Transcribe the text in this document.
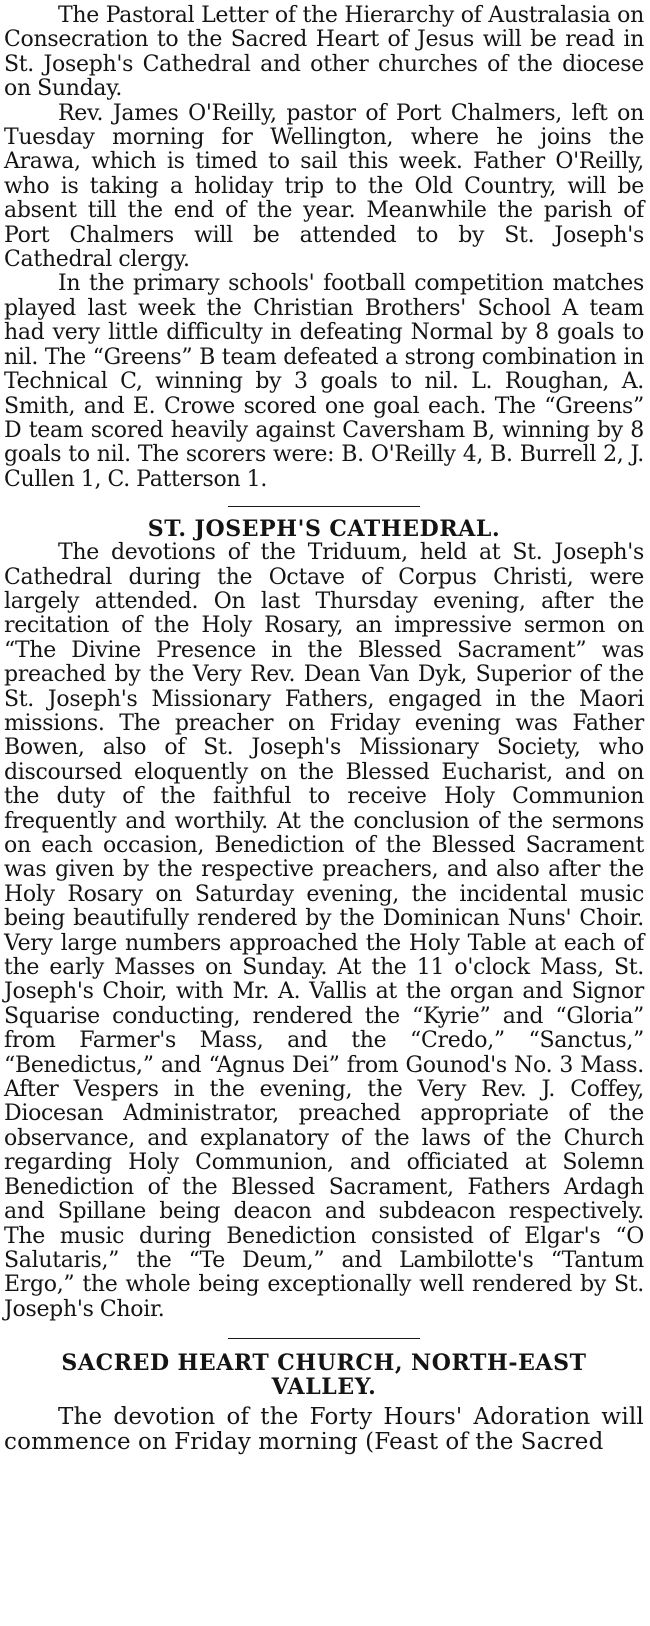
The Pastoral Letter of the Hierarchy of Australasia on Consecration to the Sacred Heart of Jesus will be read in St. Joseph's Cathedral and other churches of the diocese on Sunday.

Rev. James O'Reilly, pastor of Port Chalmers, left on Tuesday morning for Wellington, where he joins the Arawa, which is timed to sail this week. Father O'Reilly, who is taking a holiday trip to the Old Country, will be absent till the end of the year. Meanwhile the parish of Port Chalmers will be attended to by St. Joseph's Cathedral clergy.

In the primary schools' football competition matches played last week the Christian Brothers' School A team had very little difficulty in defeating Normal by 8 goals to nil. The “Greens” B team defeated a strong combination in Technical C, winning by 3 goals to nil. L. Roughan, A. Smith, and E. Crowe scored one goal each. The “Greens” D team scored heavily against Caversham B, winning by 8 goals to nil. The scorers were: B. O'Reilly 4, B. Burrell 2, J. Cullen 1, C. Patterson 1.

ST. JOSEPH'S CATHEDRAL.

The devotions of the Triduum, held at St. Joseph's Cathedral during the Octave of Corpus Christi, were largely attended. On last Thursday evening, after the recitation of the Holy Rosary, an impressive sermon on “The Divine Presence in the Blessed Sacrament” was preached by the Very Rev. Dean Van Dyk, Superior of the St. Joseph's Missionary Fathers, engaged in the Maori missions. The preacher on Friday evening was Father Bowen, also of St. Joseph's Missionary Society, who discoursed eloquently on the Blessed Eucharist, and on the duty of the faithful to receive Holy Communion frequently and worthily. At the conclusion of the sermons on each occasion, Benediction of the Blessed Sacrament was given by the respective preachers, and also after the Holy Rosary on Saturday evening, the incidental music being beautifully rendered by the Dominican Nuns' Choir. Very large numbers approached the Holy Table at each of the early Masses on Sunday. At the 11 o'clock Mass, St. Joseph's Choir, with Mr. A. Vallis at the organ and Signor Squarise conducting, rendered the “Kyrie” and “Gloria” from Farmer's Mass, and the “Credo,” “Sanctus,” “Benedictus,” and “Agnus Dei” from Gounod's No. 3 Mass. After Vespers in the evening, the Very Rev. J. Coffey, Diocesan Administrator, preached appropriate of the observance, and explanatory of the laws of the Church regarding Holy Communion, and officiated at Solemn Benediction of the Blessed Sacrament, Fathers Ardagh and Spillane being deacon and subdeacon respectively. The music during Benediction consisted of Elgar's “O Salutaris,” the “Te Deum,” and Lambilotte's “Tantum Ergo,” the whole being exceptionally well rendered by St. Joseph's Choir.

SACRED HEART CHURCH, NORTH-EAST VALLEY.

The devotion of the Forty Hours' Adoration will commence on Friday morning (Feast of the Sacred
